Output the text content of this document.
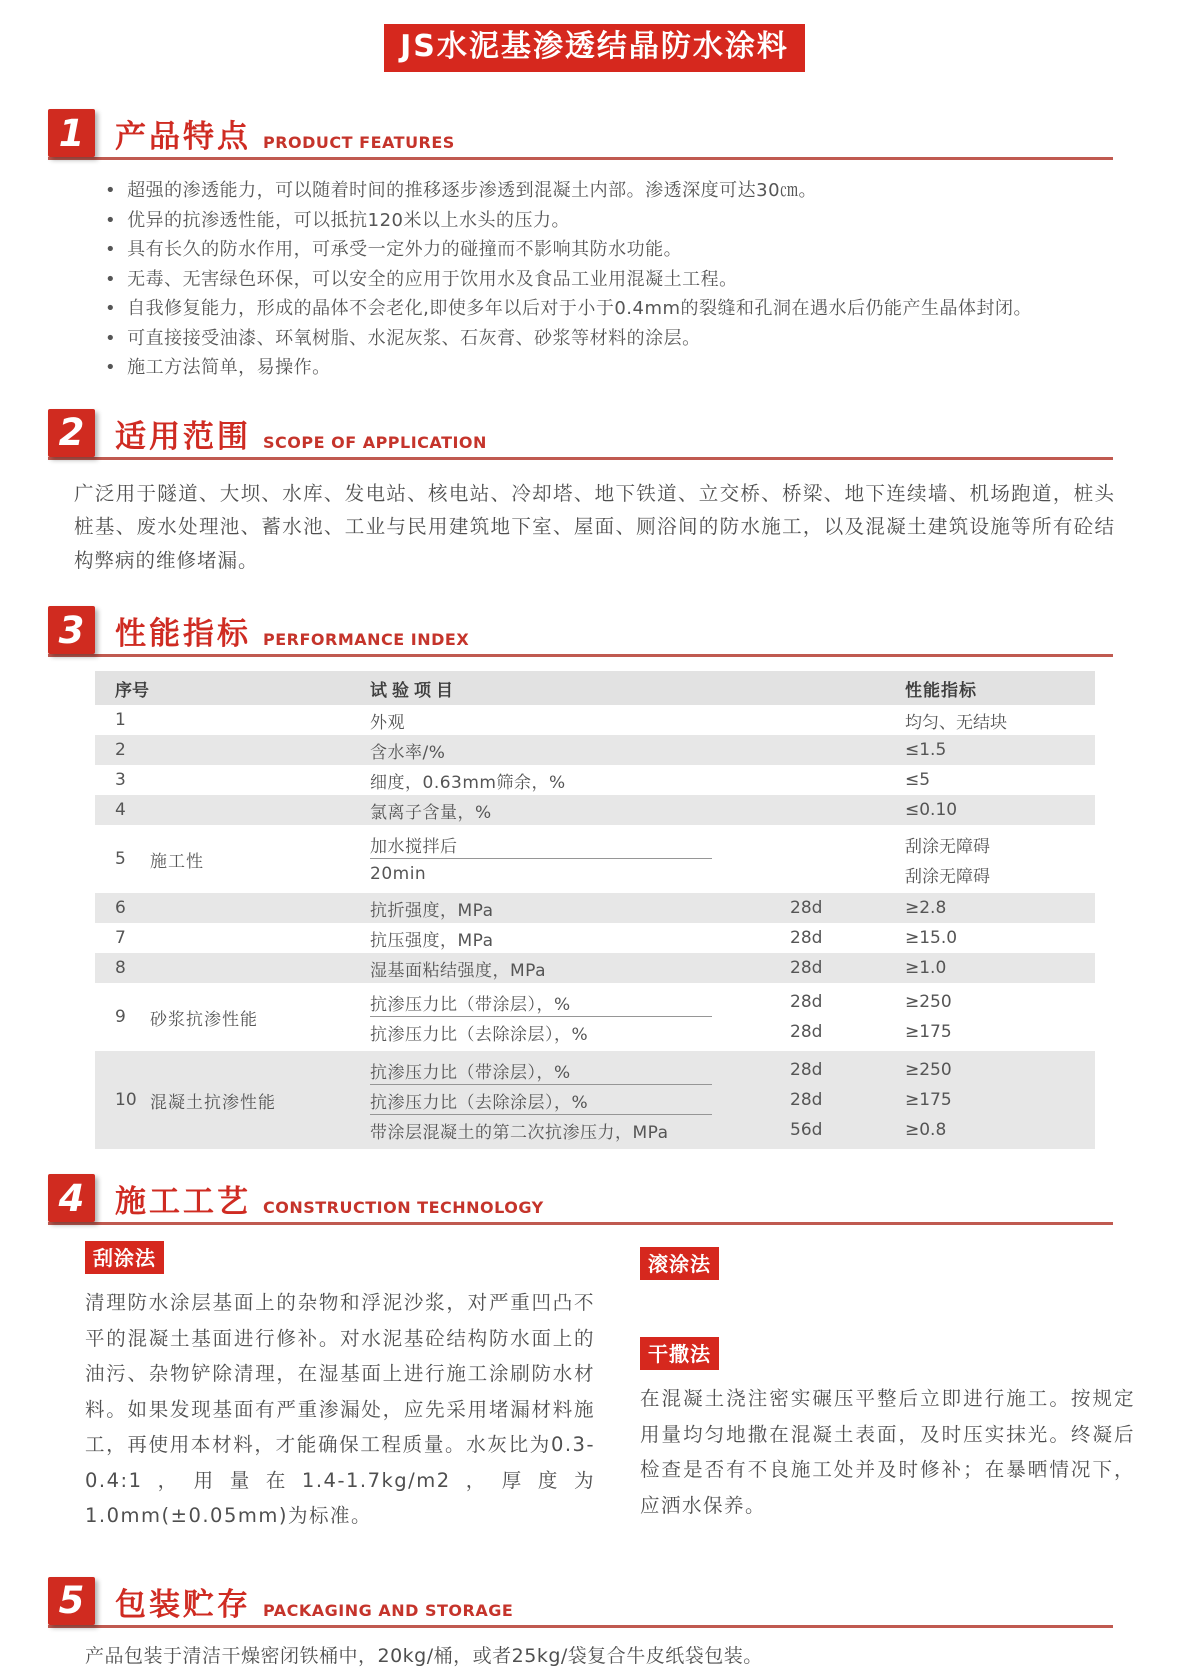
JS水泥基渗透结晶防水涂料
1 产品特点 PRODUCT FEATURES
• 超强的渗透能力，可以随着时间的推移逐步渗透到混凝土内部。渗透深度可达30㎝。
• 优异的抗渗透性能，可以抵抗120米以上水头的压力。
• 具有长久的防水作用，可承受一定外力的碰撞而不影响其防水功能。
• 无毒、无害绿色环保，可以安全的应用于饮用水及食品工业用混凝土工程。
• 自我修复能力，形成的晶体不会老化,即使多年以后对于小于0.4mm的裂缝和孔洞在遇水后仍能产生晶体封闭。
• 可直接接受油漆、环氧树脂、水泥灰浆、石灰膏、砂浆等材料的涂层。
• 施工方法简单，易操作。
2 适用范围 SCOPE OF APPLICATION

广泛用于隧道、大坝、水库、发电站、核电站、冷却塔、地下铁道、立交桥、桥梁、地下连续墙、机场跑道，桩头桩基、废水处理池、蓄水池、工业与民用建筑地下室、屋面、厕浴间的防水施工，以及混凝土建筑设施等所有砼结构弊病的维修堵漏。

3 性能指标 PERFORMANCE INDEX
序号	试验项目	性能指标
1	外观	均匀、无结块
2	含水率/%	≤1.5
3	细度，0.63mm筛余，%	≤5
4	氯离子含量，%	≤0.10
5	施工性
加水搅拌后	刮涂无障碍
20min	刮涂无障碍
6	抗折强度，MPa	28d	≥2.8
7	抗压强度，MPa	28d	≥15.0
8	湿基面粘结强度，MPa	28d	≥1.0
9	砂浆抗渗性能
抗渗压力比（带涂层），%	28d	≥250
抗渗压力比（去除涂层），%	28d	≥175
10 混凝土抗渗性能
抗渗压力比（带涂层），%	28d	≥250
抗渗压力比（去除涂层），%	28d	≥175
带涂层混凝土的第二次抗渗压力，MPa	56d	≥0.8
4 施工工艺 CONSTRUCTION TECHNOLOGY
刮涂法

清理防水涂层基面上的杂物和浮泥沙浆，对严重凹凸不平的混凝土基面进行修补。对水泥基砼结构防水面上的油污、杂物铲除清理，在湿基面上进行施工涂刷防水材料。如果发现基面有严重渗漏处，应先采用堵漏材料施工，再使用本材料，才能确保工程质量。水灰比为0.3-0.4:1，用量在1.4-1.7kg/m2，厚度为1.0mm(±0.05mm)为标准。

滚涂法
干撒法

在混凝土浇注密实碾压平整后立即进行施工。按规定用量均匀地撒在混凝土表面，及时压实抹光。终凝后检查是否有不良施工处并及时修补；在暴晒情况下，应洒水保养。

5 包装贮存 PACKAGING AND STORAGE

产品包装于清洁干燥密闭铁桶中，20kg/桶，或者25kg/袋复合牛皮纸袋包装。
